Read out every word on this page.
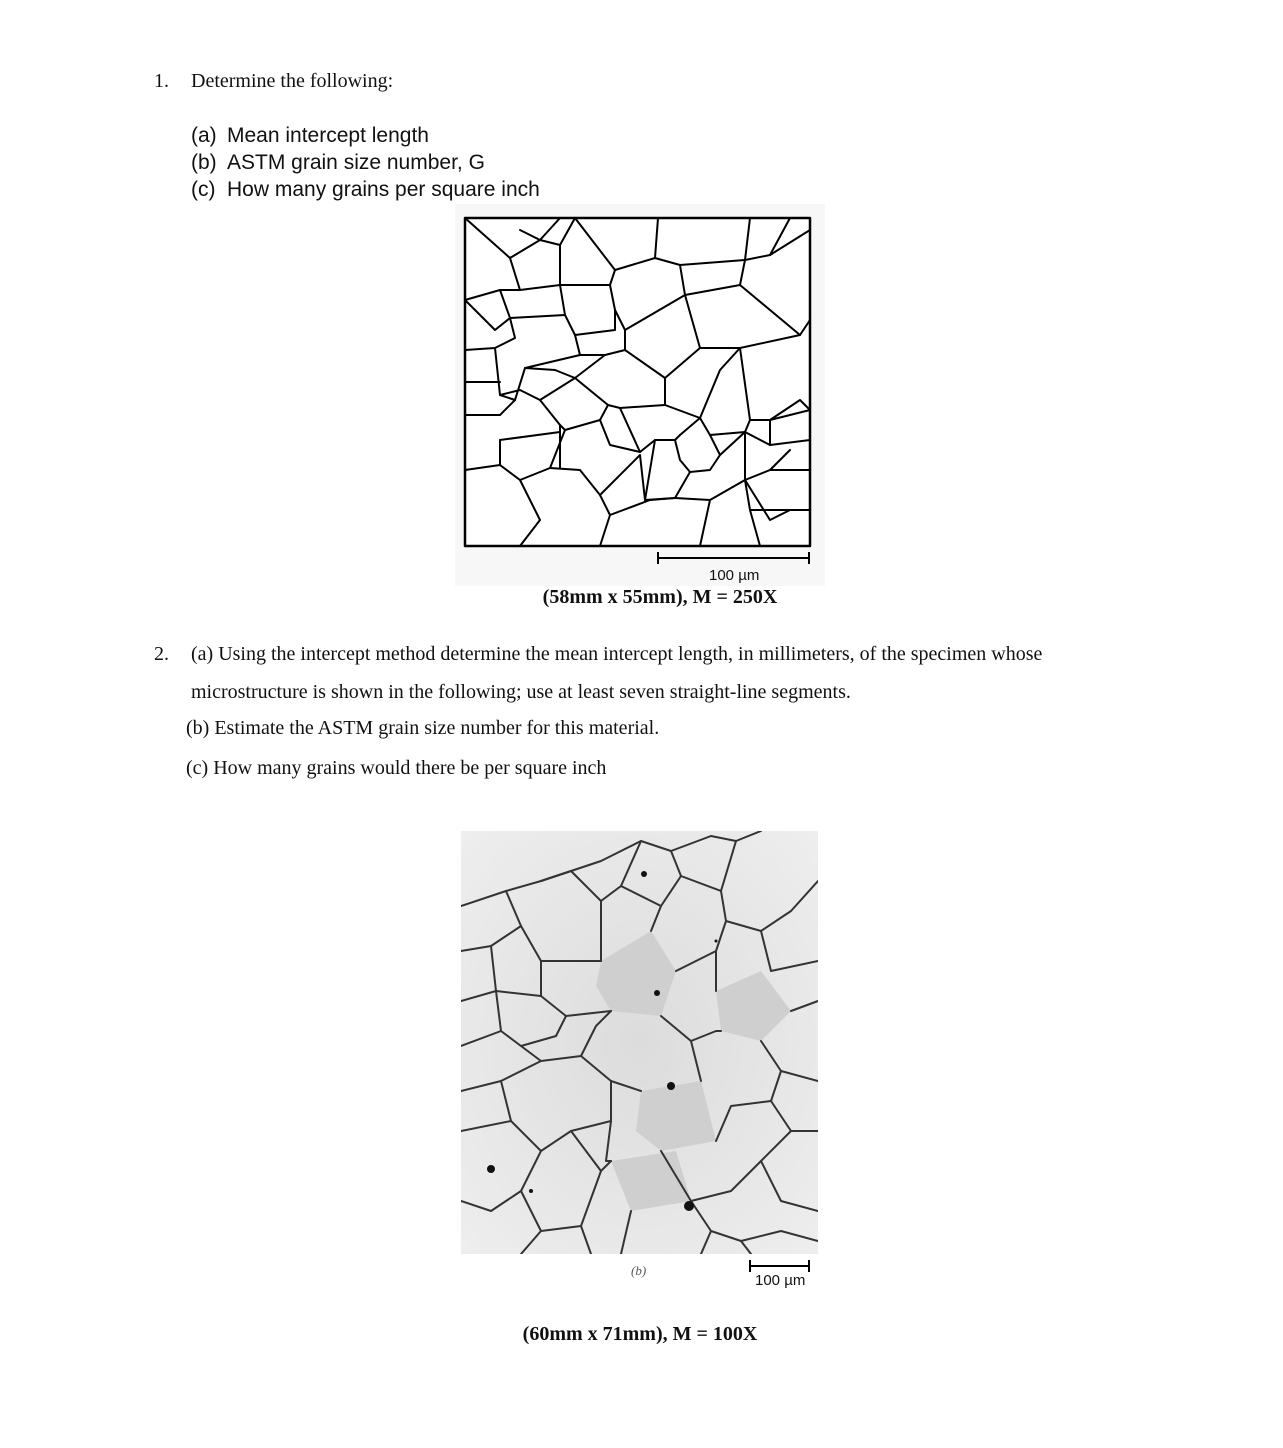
1. Determine the following:
(a) Mean intercept length
(b) ASTM grain size number, G
(c) How many grains per square inch
100 µm
(58mm x 55mm), M = 250X
2. (a) Using the intercept method determine the mean intercept length, in millimeters, of the specimen whose
microstructure is shown in the following; use at least seven straight-line segments.
(b) Estimate the ASTM grain size number for this material.
(c) How many grains would there be per square inch
(b)
100 µm
(60mm x 71mm), M = 100X
